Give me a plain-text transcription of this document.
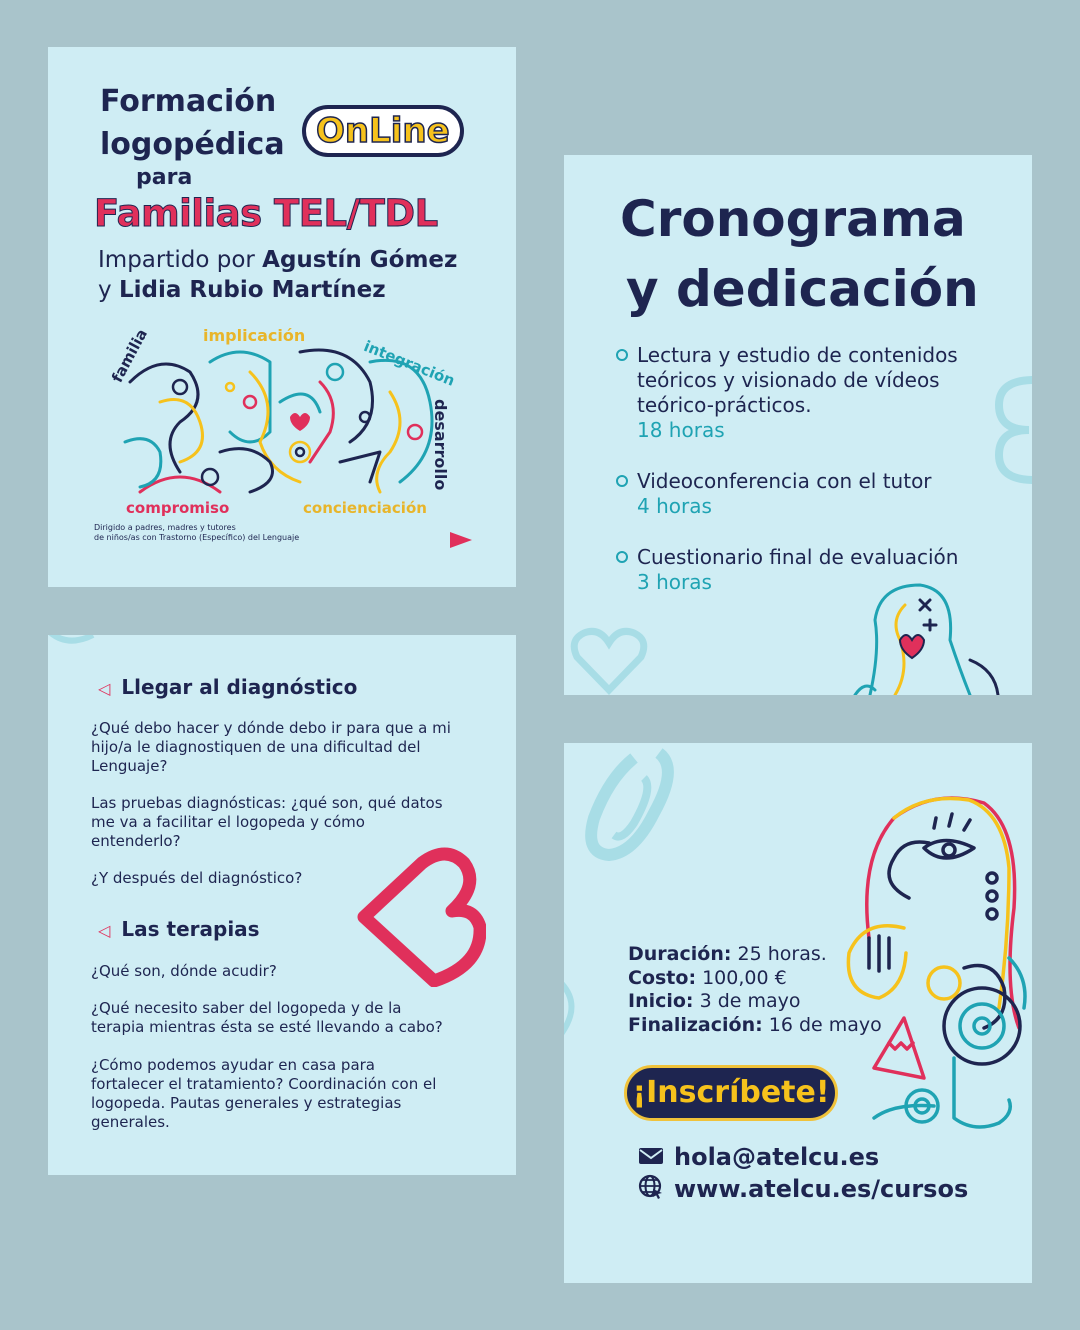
Formación
logopédica OnLine
para
Familias TEL/TDL
Impartido por Agustín Gómez
y Lidia Rubio Martínez
familia	implicación
integración
desarrollo
compromiso	concienciación
Dirigido a padres, madres y tutores
de niños/as con Trastorno (Específico) del Lenguaje
Cronograma
y dedicación
Lectura y estudio de contenidos
teóricos y visionado de vídeos
teórico-prácticos.
18 horas
Videoconferencia con el tutor
4 horas
Cuestionario final de evaluación
3 horas
◁ Llegar al diagnóstico
¿Qué debo hacer y dónde debo ir para que a mi
hijo/a le diagnostiquen de una dificultad del
Lenguaje?
Las pruebas diagnósticas: ¿qué son, qué datos
me va a facilitar el logopeda y cómo
entenderlo?
¿Y después del diagnóstico?
◁ Las terapias
¿Qué son, dónde acudir?
¿Qué necesito saber del logopeda y de la
terapia mientras ésta se esté llevando a cabo?
¿Cómo podemos ayudar en casa para
fortalecer el tratamiento? Coordinación con el
logopeda. Pautas generales y estrategias
generales.
Duración: 25 horas.
Costo: 100,00 €
Inicio: 3 de mayo
Finalización: 16 de mayo
¡Inscríbete!
hola@atelcu.es
www.atelcu.es/cursos
